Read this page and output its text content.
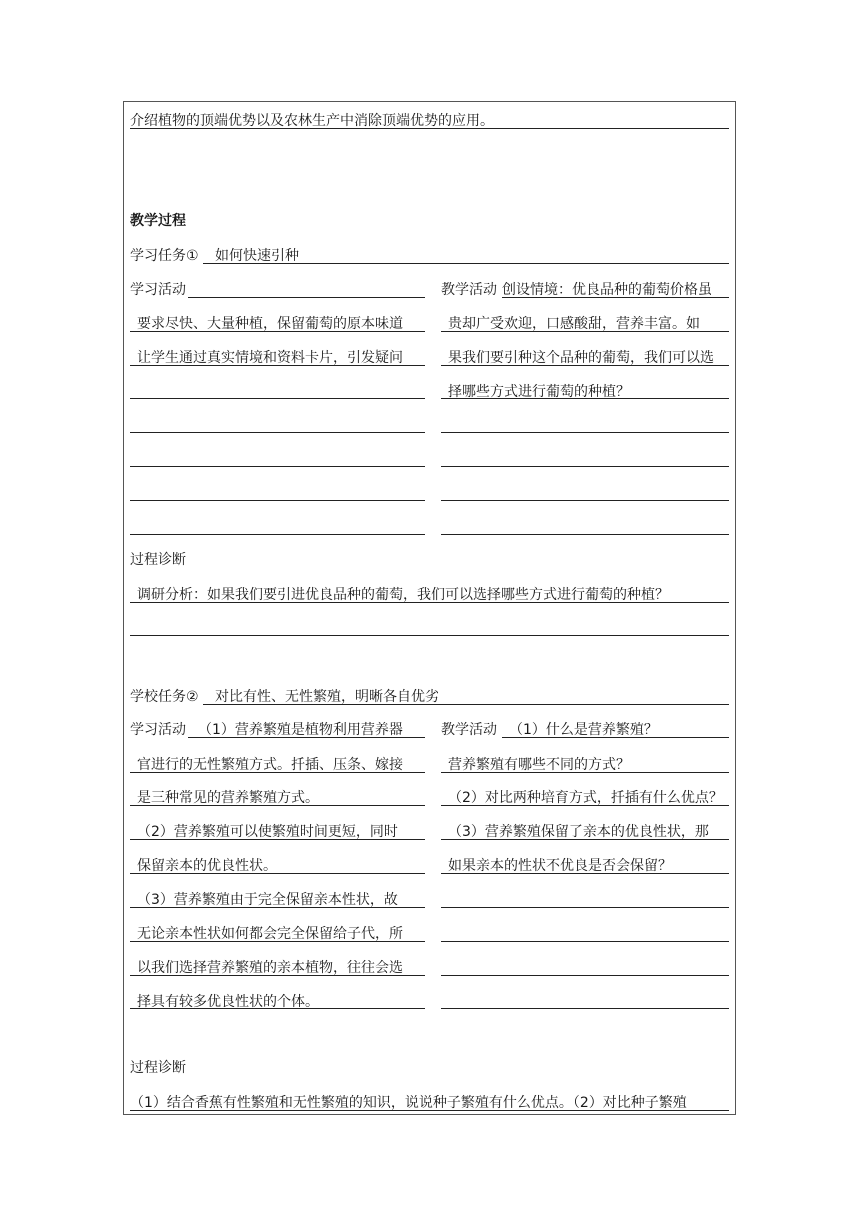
介绍植物的顶端优势以及农林生产中消除顶端优势的应用。
教学过程
学习任务① 如何快速引种
学习活动
要求尽快、大量种植，保留葡萄的原本味道
让学生通过真实情境和资料卡片，引发疑问
教学活动 创设情境：优良品种的葡萄价格虽
贵却广受欢迎，口感酸甜，营养丰富。如
果我们要引种这个品种的葡萄，我们可以选
择哪些方式进行葡萄的种植？
过程诊断
调研分析：如果我们要引进优良品种的葡萄，我们可以选择哪些方式进行葡萄的种植？
学校任务② 对比有性、无性繁殖，明晰各自优劣
学习活动 （1）营养繁殖是植物利用营养器
官进行的无性繁殖方式。扦插、压条、嫁接
是三种常见的营养繁殖方式。
（2）营养繁殖可以使繁殖时间更短，同时
保留亲本的优良性状。
（3）营养繁殖由于完全保留亲本性状，故
无论亲本性状如何都会完全保留给子代，所
以我们选择营养繁殖的亲本植物，往往会选
择具有较多优良性状的个体。
教学活动 （1）什么是营养繁殖？
营养繁殖有哪些不同的方式？
（2）对比两种培育方式，扦插有什么优点？
（3）营养繁殖保留了亲本的优良性状，那
如果亲本的性状不优良是否会保留？
过程诊断
（1）结合香蕉有性繁殖和无性繁殖的知识，说说种子繁殖有什么优点。（2）对比种子繁殖
